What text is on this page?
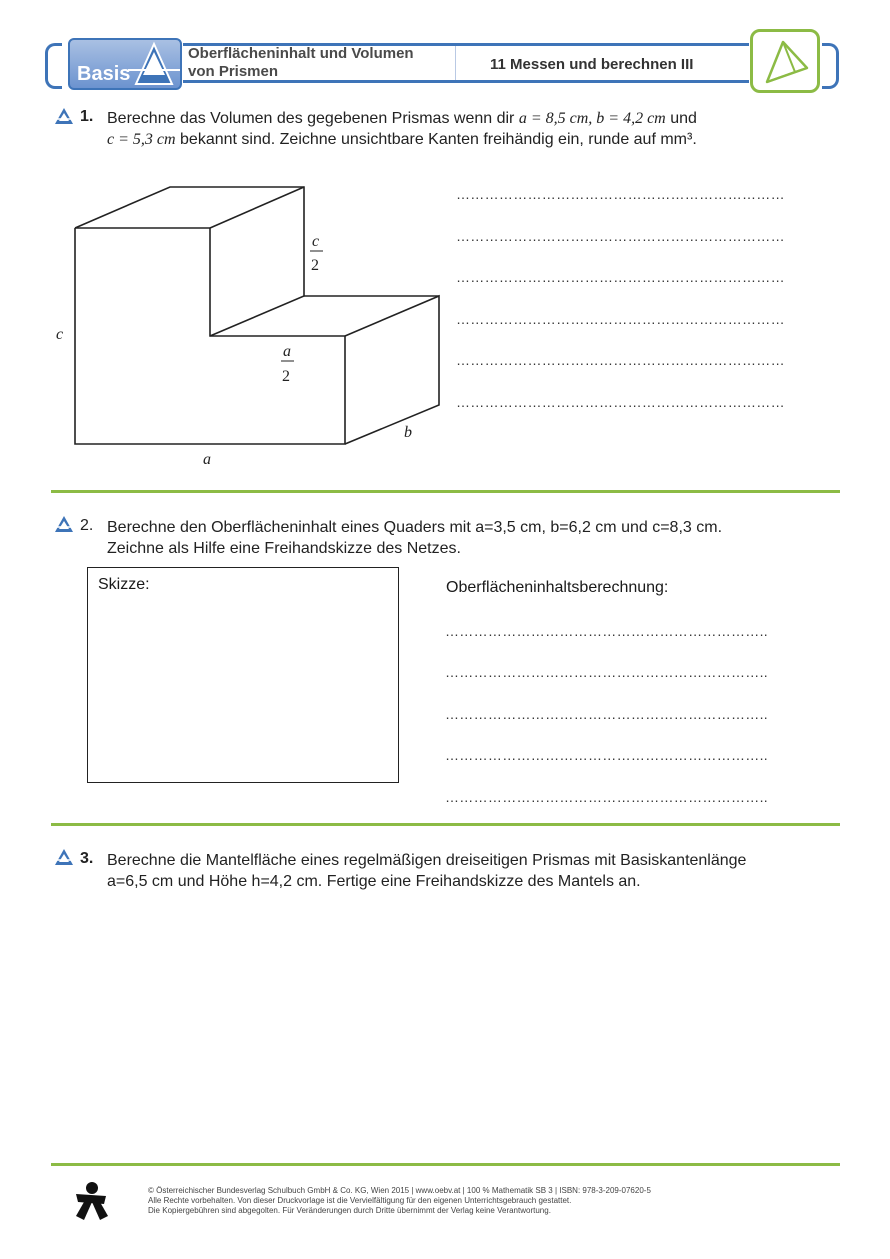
Basis
Oberflächeninhalt und Volumen
von Prismen	11 Messen und berechnen III
1. Berechne das Volumen des gegebenen Prismas wenn dir a = 8,5 cm, b = 4,2 cm und
c = 5,3 cm bekannt sind. Zeichne unsichtbare Kanten freihändig ein, runde auf mm³.
c
c
2
a
2
a
b
……………………………………………………………
……………………………………………………………
……………………………………………………………
……………………………………………………………
……………………………………………………………
……………………………………………………………
2. Berechne den Oberflächeninhalt eines Quaders mit a=3,5 cm, b=6,2 cm und c=8,3 cm.
Zeichne als Hilfe eine Freihandskizze des Netzes.
Skizze:	Oberflächeninhaltsberechnung:
…………………………………………………………..
…………………………………………………………..
…………………………………………………………..
…………………………………………………………..
…………………………………………………………..
3. Berechne die Mantelfläche eines regelmäßigen dreiseitigen Prismas mit Basiskantenlänge
a=6,5 cm und Höhe h=4,2 cm. Fertige eine Freihandskizze des Mantels an.
© Österreichischer Bundesverlag Schulbuch GmbH & Co. KG, Wien 2015 | www.oebv.at | 100 % Mathematik SB 3 | ISBN: 978-3-209-07620-5
Alle Rechte vorbehalten. Von dieser Druckvorlage ist die Vervielfältigung für den eigenen Unterrichtsgebrauch gestattet.
Die Kopiergebühren sind abgegolten. Für Veränderungen durch Dritte übernimmt der Verlag keine Verantwortung.
